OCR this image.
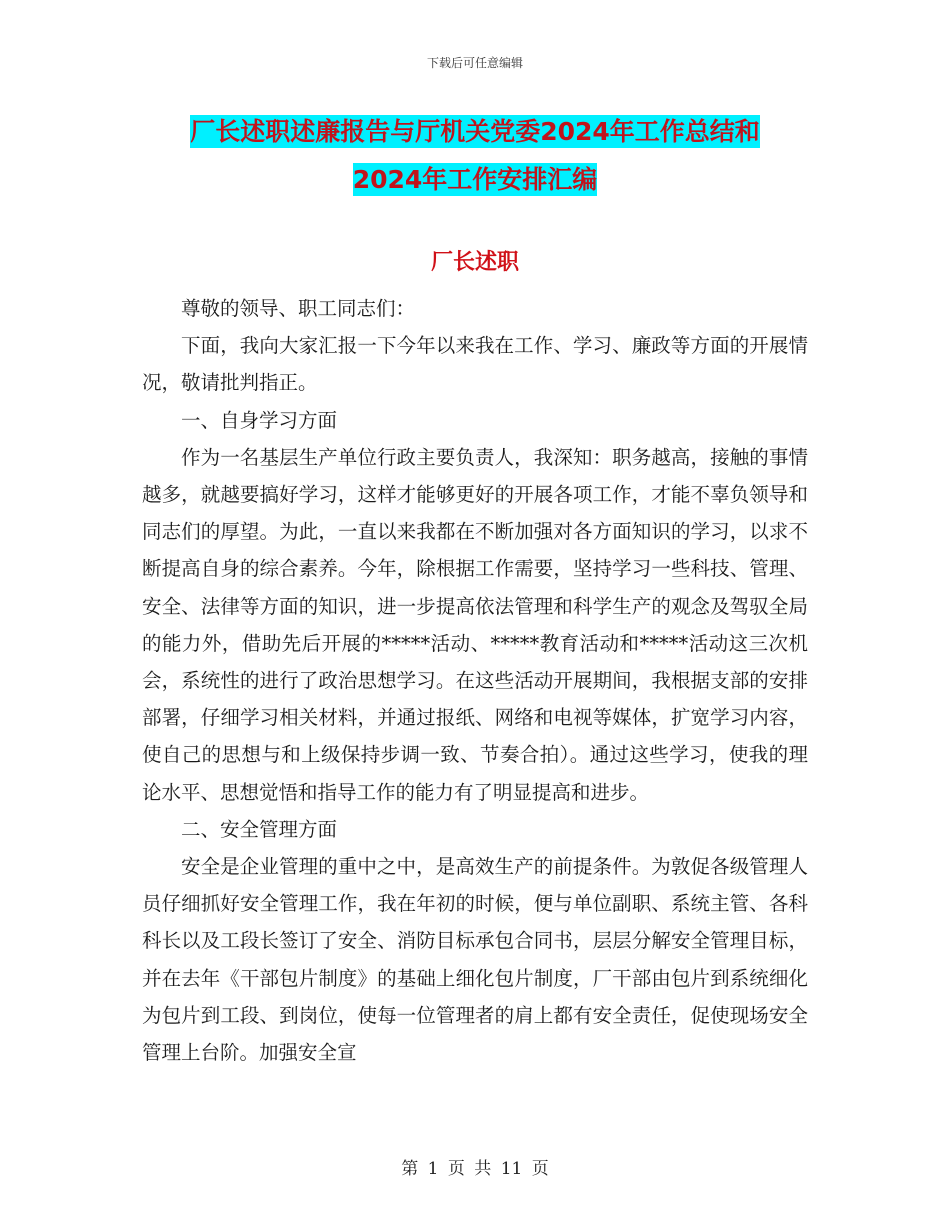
下载后可任意编辑
厂长述职述廉报告与厅机关党委2024年工作总结和
2024年工作安排汇编
厂长述职

尊敬的领导、职工同志们：

下面，我向大家汇报一下今年以来我在工作、学习、廉政等方面的开展情况，敬请批判指正。

一、自身学习方面

作为一名基层生产单位行政主要负责人，我深知：职务越高，接触的事情越多，就越要搞好学习，这样才能够更好的开展各项工作，才能不辜负领导和同志们的厚望。为此，一直以来我都在不断加强对各方面知识的学习，以求不断提高自身的综合素养。今年，除根据工作需要，坚持学习一些科技、管理、安全、法律等方面的知识，进一步提高依法管理和科学生产的观念及驾驭全局的能力外，借助先后开展的*****活动、*****教育活动和*****活动这三次机会，系统性的进行了政治思想学习。在这些活动开展期间，我根据支部的安排部署，仔细学习相关材料，并通过报纸、网络和电视等媒体，扩宽学习内容，使自己的思想与和上级保持步调一致、节奏合拍）。通过这些学习，使我的理论水平、思想觉悟和指导工作的能力有了明显提高和进步。

二、安全管理方面

安全是企业管理的重中之中，是高效生产的前提条件。为敦促各级管理人员仔细抓好安全管理工作，我在年初的时候，便与单位副职、系统主管、各科科长以及工段长签订了安全、消防目标承包合同书，层层分解安全管理目标，并在去年《干部包片制度》的基础上细化包片制度，厂干部由包片到系统细化为包片到工段、到岗位，使每一位管理者的肩上都有安全责任，促使现场安全管理上台阶。加强安全宣

第 1 页 共 11 页
